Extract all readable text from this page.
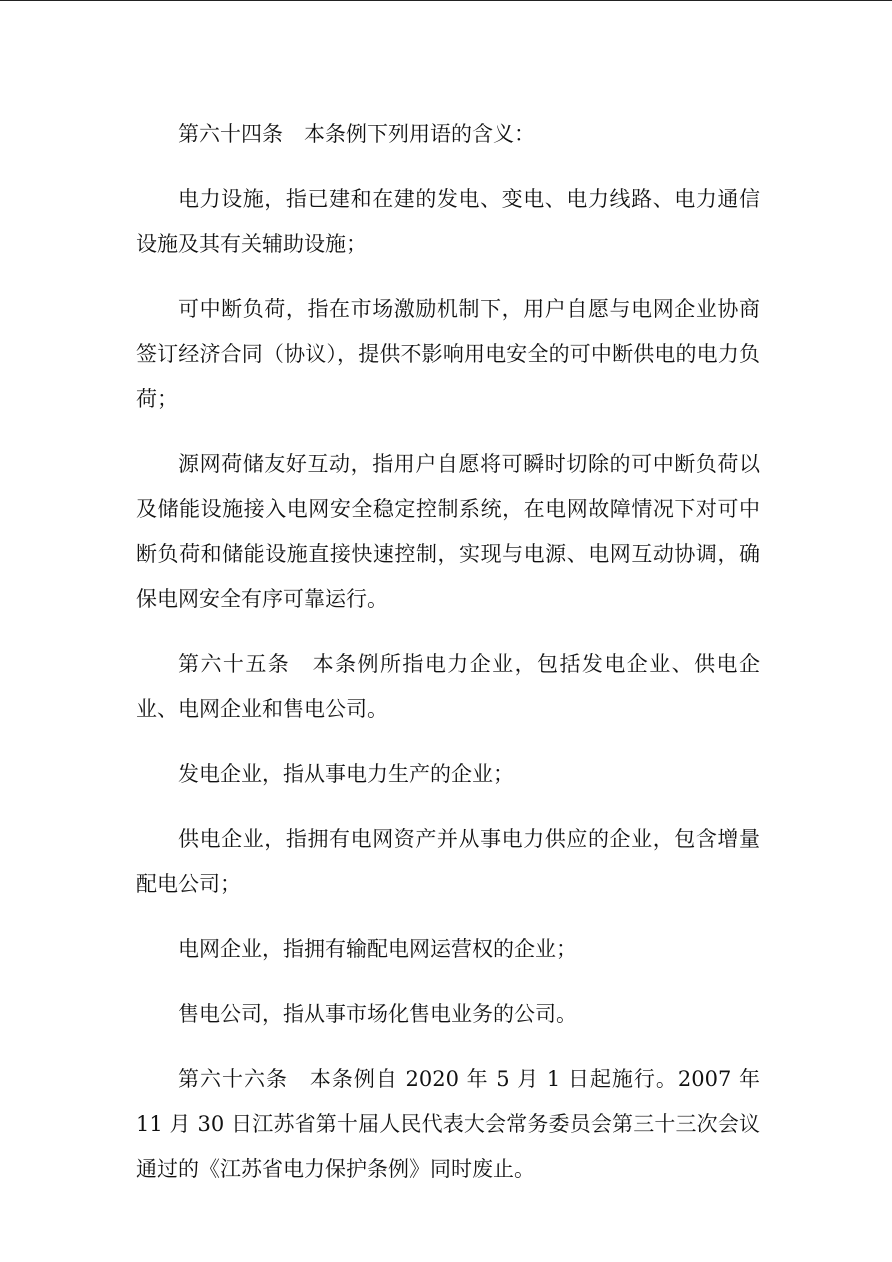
第六十四条　本条例下列用语的含义：

电力设施，指已建和在建的发电、变电、电力线路、电力通信设施及其有关辅助设施；

可中断负荷，指在市场激励机制下，用户自愿与电网企业协商签订经济合同（协议），提供不影响用电安全的可中断供电的电力负荷；

源网荷储友好互动，指用户自愿将可瞬时切除的可中断负荷以及储能设施接入电网安全稳定控制系统，在电网故障情况下对可中断负荷和储能设施直接快速控制，实现与电源、电网互动协调，确保电网安全有序可靠运行。

第六十五条　本条例所指电力企业，包括发电企业、供电企业、电网企业和售电公司。

发电企业，指从事电力生产的企业；

供电企业，指拥有电网资产并从事电力供应的企业，包含增量配电公司；

电网企业，指拥有输配电网运营权的企业；

售电公司，指从事市场化售电业务的公司。

第六十六条　本条例自 2020 年 5 月 1 日起施行。2007 年 11 月 30 日江苏省第十届人民代表大会常务委员会第三十三次会议通过的《江苏省电力保护条例》同时废止。
